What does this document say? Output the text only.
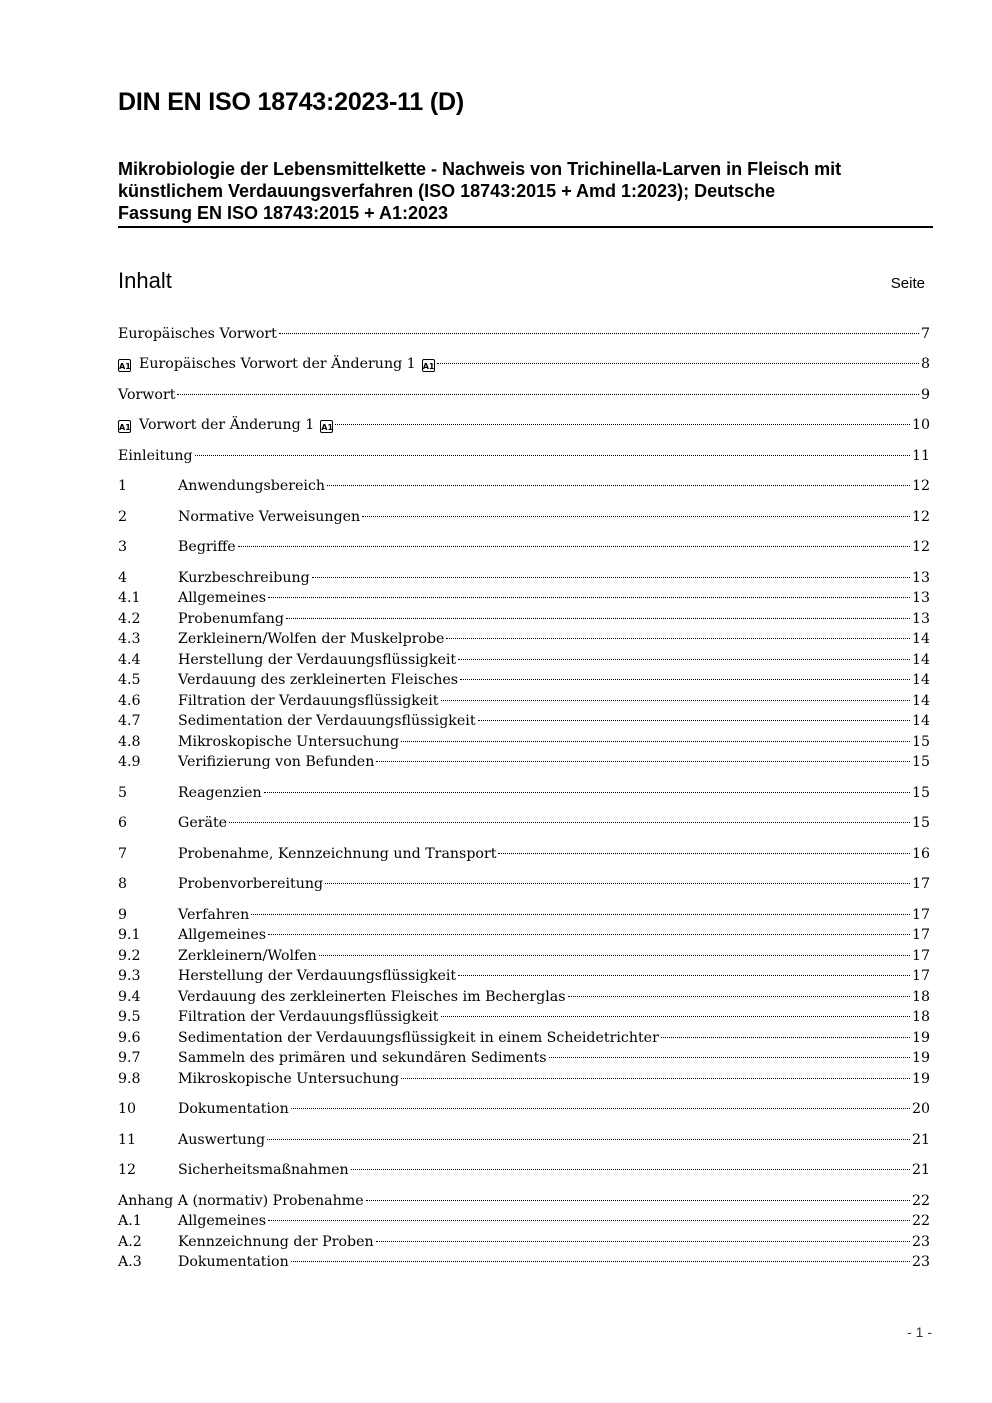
DIN EN ISO 18743:2023-11 (D)
Mikrobiologie der Lebensmittelkette - Nachweis von Trichinella-Larven in Fleisch mit
künstlichem Verdauungsverfahren (ISO 18743:2015 + Amd 1:2023); Deutsche
Fassung EN ISO 18743:2015 + A1:2023
Inhalt	Seite
Europäisches Vorwort	7
A1 Europäisches Vorwort der Änderung 1 A1	8
Vorwort	9
A1 Vorwort der Änderung 1 A1	10
Einleitung	11
1	Anwendungsbereich	12
2	Normative Verweisungen	12
3	Begriffe	12
4	Kurzbeschreibung	13
4.1	Allgemeines	13
4.2	Probenumfang	13
4.3	Zerkleinern/Wolfen der Muskelprobe	14
4.4	Herstellung der Verdauungsflüssigkeit	14
4.5	Verdauung des zerkleinerten Fleisches	14
4.6	Filtration der Verdauungsflüssigkeit	14
4.7	Sedimentation der Verdauungsflüssigkeit	14
4.8	Mikroskopische Untersuchung	15
4.9	Verifizierung von Befunden	15
5	Reagenzien	15
6	Geräte	15
7	Probenahme, Kennzeichnung und Transport	16
8	Probenvorbereitung	17
9	Verfahren	17
9.1	Allgemeines	17
9.2	Zerkleinern/Wolfen	17
9.3	Herstellung der Verdauungsflüssigkeit	17
9.4	Verdauung des zerkleinerten Fleisches im Becherglas	18
9.5	Filtration der Verdauungsflüssigkeit	18
9.6	Sedimentation der Verdauungsflüssigkeit in einem Scheidetrichter	19
9.7	Sammeln des primären und sekundären Sediments	19
9.8	Mikroskopische Untersuchung	19
10	Dokumentation	20
11	Auswertung	21
12	Sicherheitsmaßnahmen	21
Anhang A (normativ) Probenahme	22
A.1	Allgemeines	22
A.2	Kennzeichnung der Proben	23
A.3	Dokumentation	23
- 1 -
